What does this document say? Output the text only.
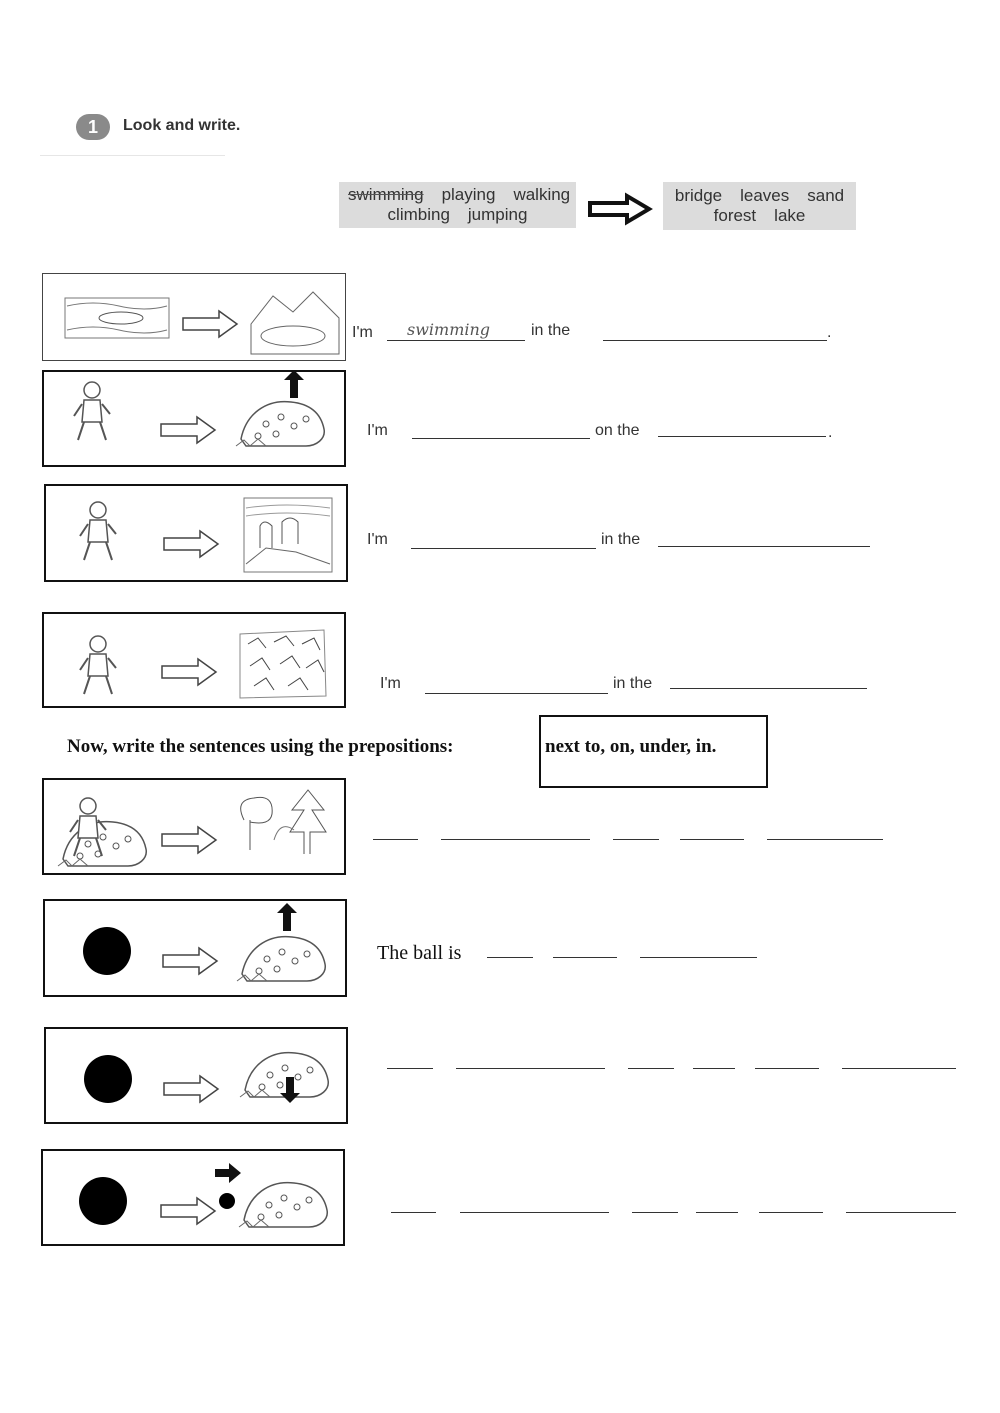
1	Look and write.
swimming playing walking
climbing jumping
bridge leaves sand
forest lake
I'm swimming	in the	.
I'm	on the	.
I'm	in the
I'm	in the
Now, write the sentences using the prepositions:	next to, on, under, in.
The ball is
